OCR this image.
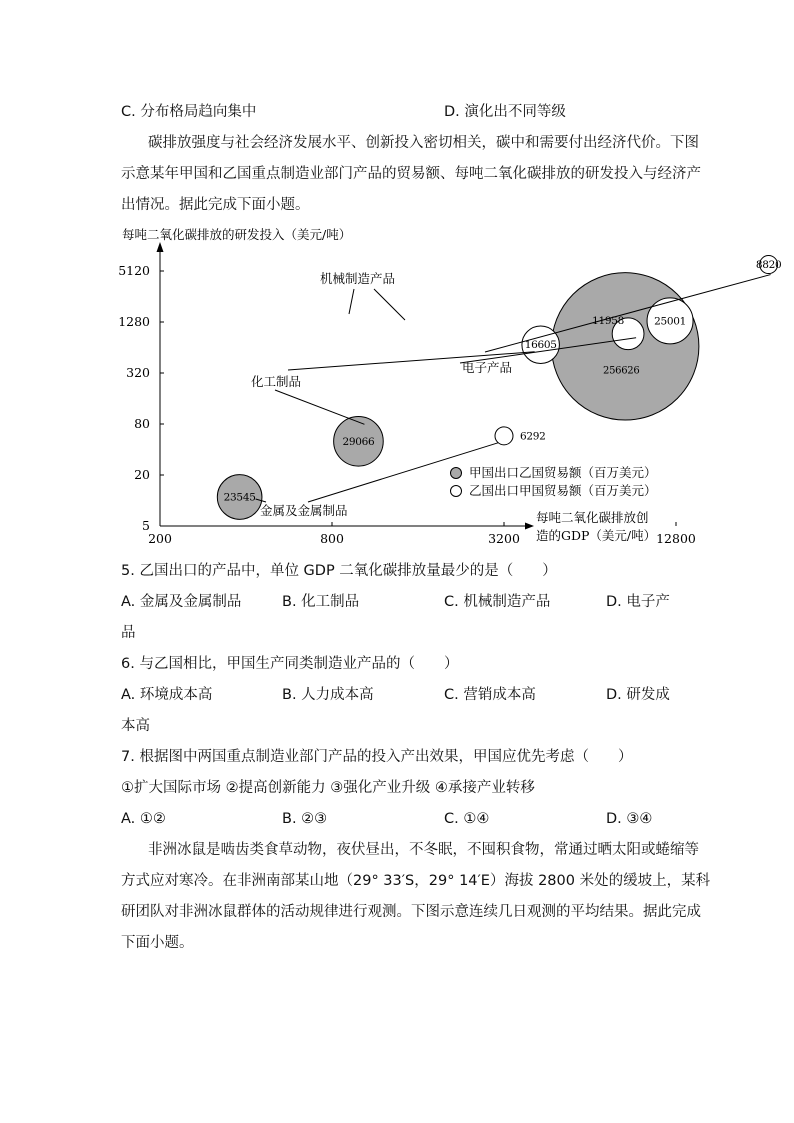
C. 分布格局趋向集中	D. 演化出不同等级
碳排放强度与社会经济发展水平、创新投入密切相关，碳中和需要付出经济代价。下图
示意某年甲国和乙国重点制造业部门产品的贸易额、每吨二氧化碳排放的研发投入与经济产
出情况。据此完成下面小题。
200	800	3200	12800
5
20
80
320
1280
5120
每吨二氧化碳排放的研发投入（美元/吨）
每吨二氧化碳排放创
造的GDP（美元/吨）
256626
29066
25001
23545
16605
11958
8820
6292
机械制造产品
化工制品
电子产品
金属及金属制品
甲国出口乙国贸易额（百万美元）
乙国出口甲国贸易额（百万美元）
5. 乙国出口的产品中，单位 GDP 二氧化碳排放量最少的是（　　）
A. 金属及金属制品	B. 化工制品	C. 机械制造产品	D. 电子产
品
6. 与乙国相比，甲国生产同类制造业产品的（　　）
A. 环境成本高	B. 人力成本高	C. 营销成本高	D. 研发成
本高
7. 根据图中两国重点制造业部门产品的投入产出效果，甲国应优先考虑（　　）
①扩大国际市场 ②提高创新能力 ③强化产业升级 ④承接产业转移
A. ①②	B. ②③	C. ①④	D. ③④
非洲冰鼠是啮齿类食草动物，夜伏昼出，不冬眠，不囤积食物，常通过晒太阳或蜷缩等
方式应对寒冷。在非洲南部某山地（29° 33′S，29° 14′E）海拔 2800 米处的缓坡上，某科
研团队对非洲冰鼠群体的活动规律进行观测。下图示意连续几日观测的平均结果。据此完成
下面小题。
